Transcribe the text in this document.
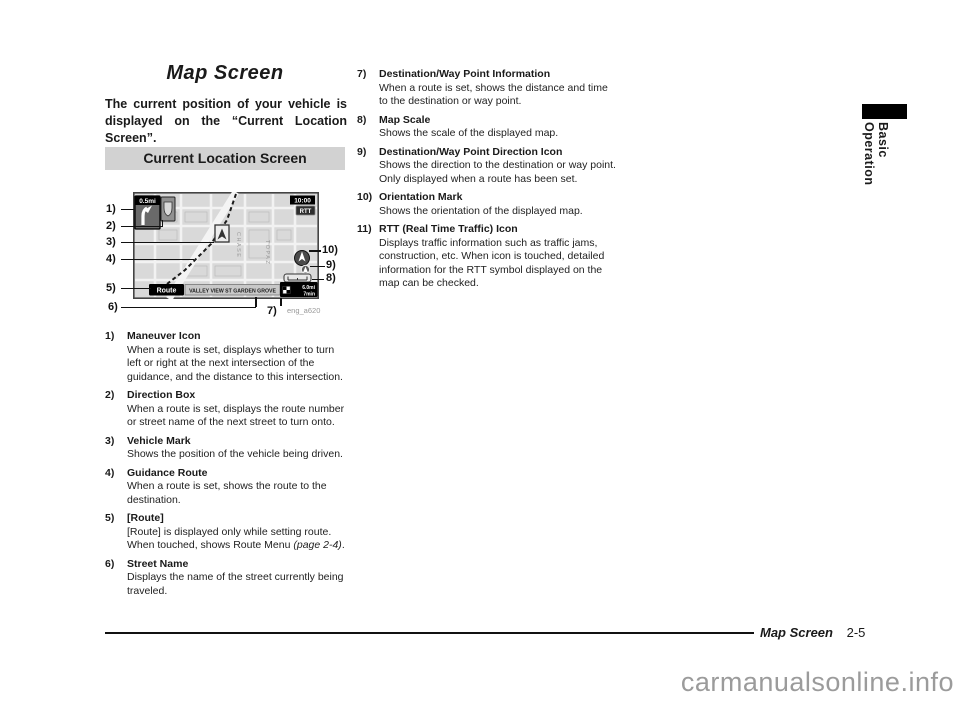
Map Screen
The current position of your vehicle is displayed on the “Current Location Screen”.
Current Location Screen
CHASE	TOPAZ
0.5mi	10:00
RTT
Route VALLEY VIEW ST GARDEN GROVE
6.0mi
7min
1)
2)
3)
4)
5)
6)	7)
8)
9)
10)
eng_a620
1)	Maneuver Icon
When a route is set, displays whether to turn left or right at the next intersection of the guidance, and the distance to this intersection.
2)	Direction Box
When a route is set, displays the route number or street name of the next street to turn onto.
3)	Vehicle Mark
Shows the position of the vehicle being driven.
4)	Guidance Route
When a route is set, shows the route to the destination.
5)	[Route]
[Route] is displayed only while setting route. When touched, shows Route Menu (page 2-4).
6)	Street Name
Displays the name of the street currently being traveled.
7)	Destination/Way Point Information
When a route is set, shows the distance and time to the destination or way point.
8)	Map Scale
Shows the scale of the displayed map.
9)	Destination/Way Point Direction Icon
Shows the direction to the destination or way point. Only displayed when a route has been set.
10) Orientation Mark
Shows the orientation of the displayed map.
11) RTT (Real Time Traffic) Icon
Displays traffic information such as traffic jams, construction, etc. When icon is touched, detailed information for the RTT symbol displayed on the map can be checked.
Basic Operation
Map Screen 2-5
carmanualsonline.info
